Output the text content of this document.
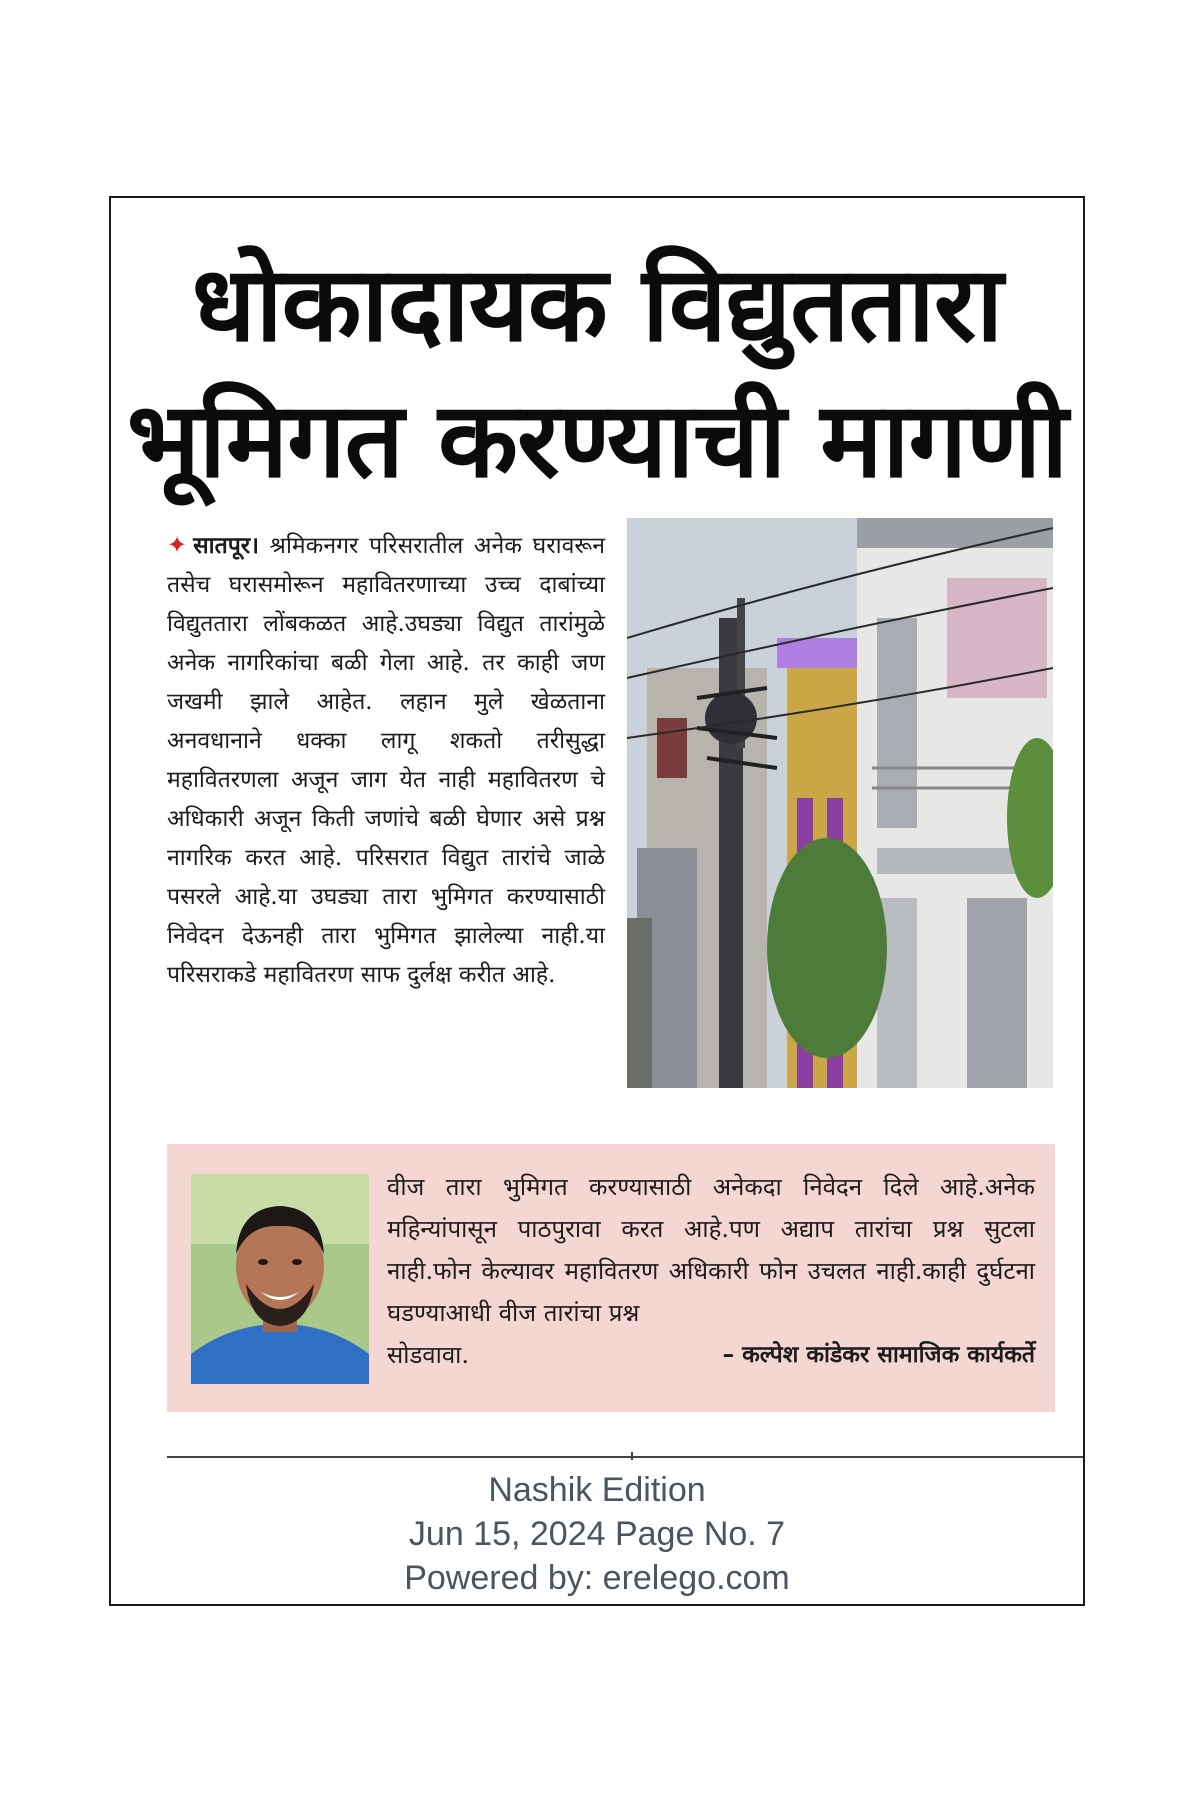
धोकादायक विद्युततारा
भूमिगत करण्याची मागणी
✦ सातपूर। श्रमिकनगर परिसरातील अनेक घरावरून तसेच घरासमोरून महावितरणाच्या उच्च दाबांच्या विद्युततारा लोंबकळत आहे.उघड्या विद्युत तारांमुळे अनेक नागरिकांचा बळी गेला आहे. तर काही जण जखमी झाले आहेत. लहान मुले खेळताना अनवधानाने धक्का लागू शकतो तरीसुद्धा महावितरणला अजून जाग येत नाही महावितरण चे अधिकारी अजून किती जणांचे बळी घेणार असे प्रश्न नागरिक करत आहे. परिसरात विद्युत तारांचे जाळे पसरले आहे.या उघड्या तारा भुमिगत करण्यासाठी निवेदन देऊनही तारा भुमिगत झालेल्या नाही.या परिसराकडे महावितरण साफ दुर्लक्ष करीत आहे.
वीज तारा भुमिगत करण्यासाठी अनेकदा निवेदन दिले आहे.अनेक महिन्यांपासून पाठपुरावा करत आहे.पण अद्याप तारांचा प्रश्न सुटला नाही.फोन केल्यावर महावितरण अधिकारी फोन उचलत नाही.काही दुर्घटना घडण्याआधी वीज तारांचा प्रश्न
सोडवावा.	– कल्पेश कांडेकर सामाजिक कार्यकर्ते
Nashik Edition
Jun 15, 2024 Page No. 7
Powered by: erelego.com
